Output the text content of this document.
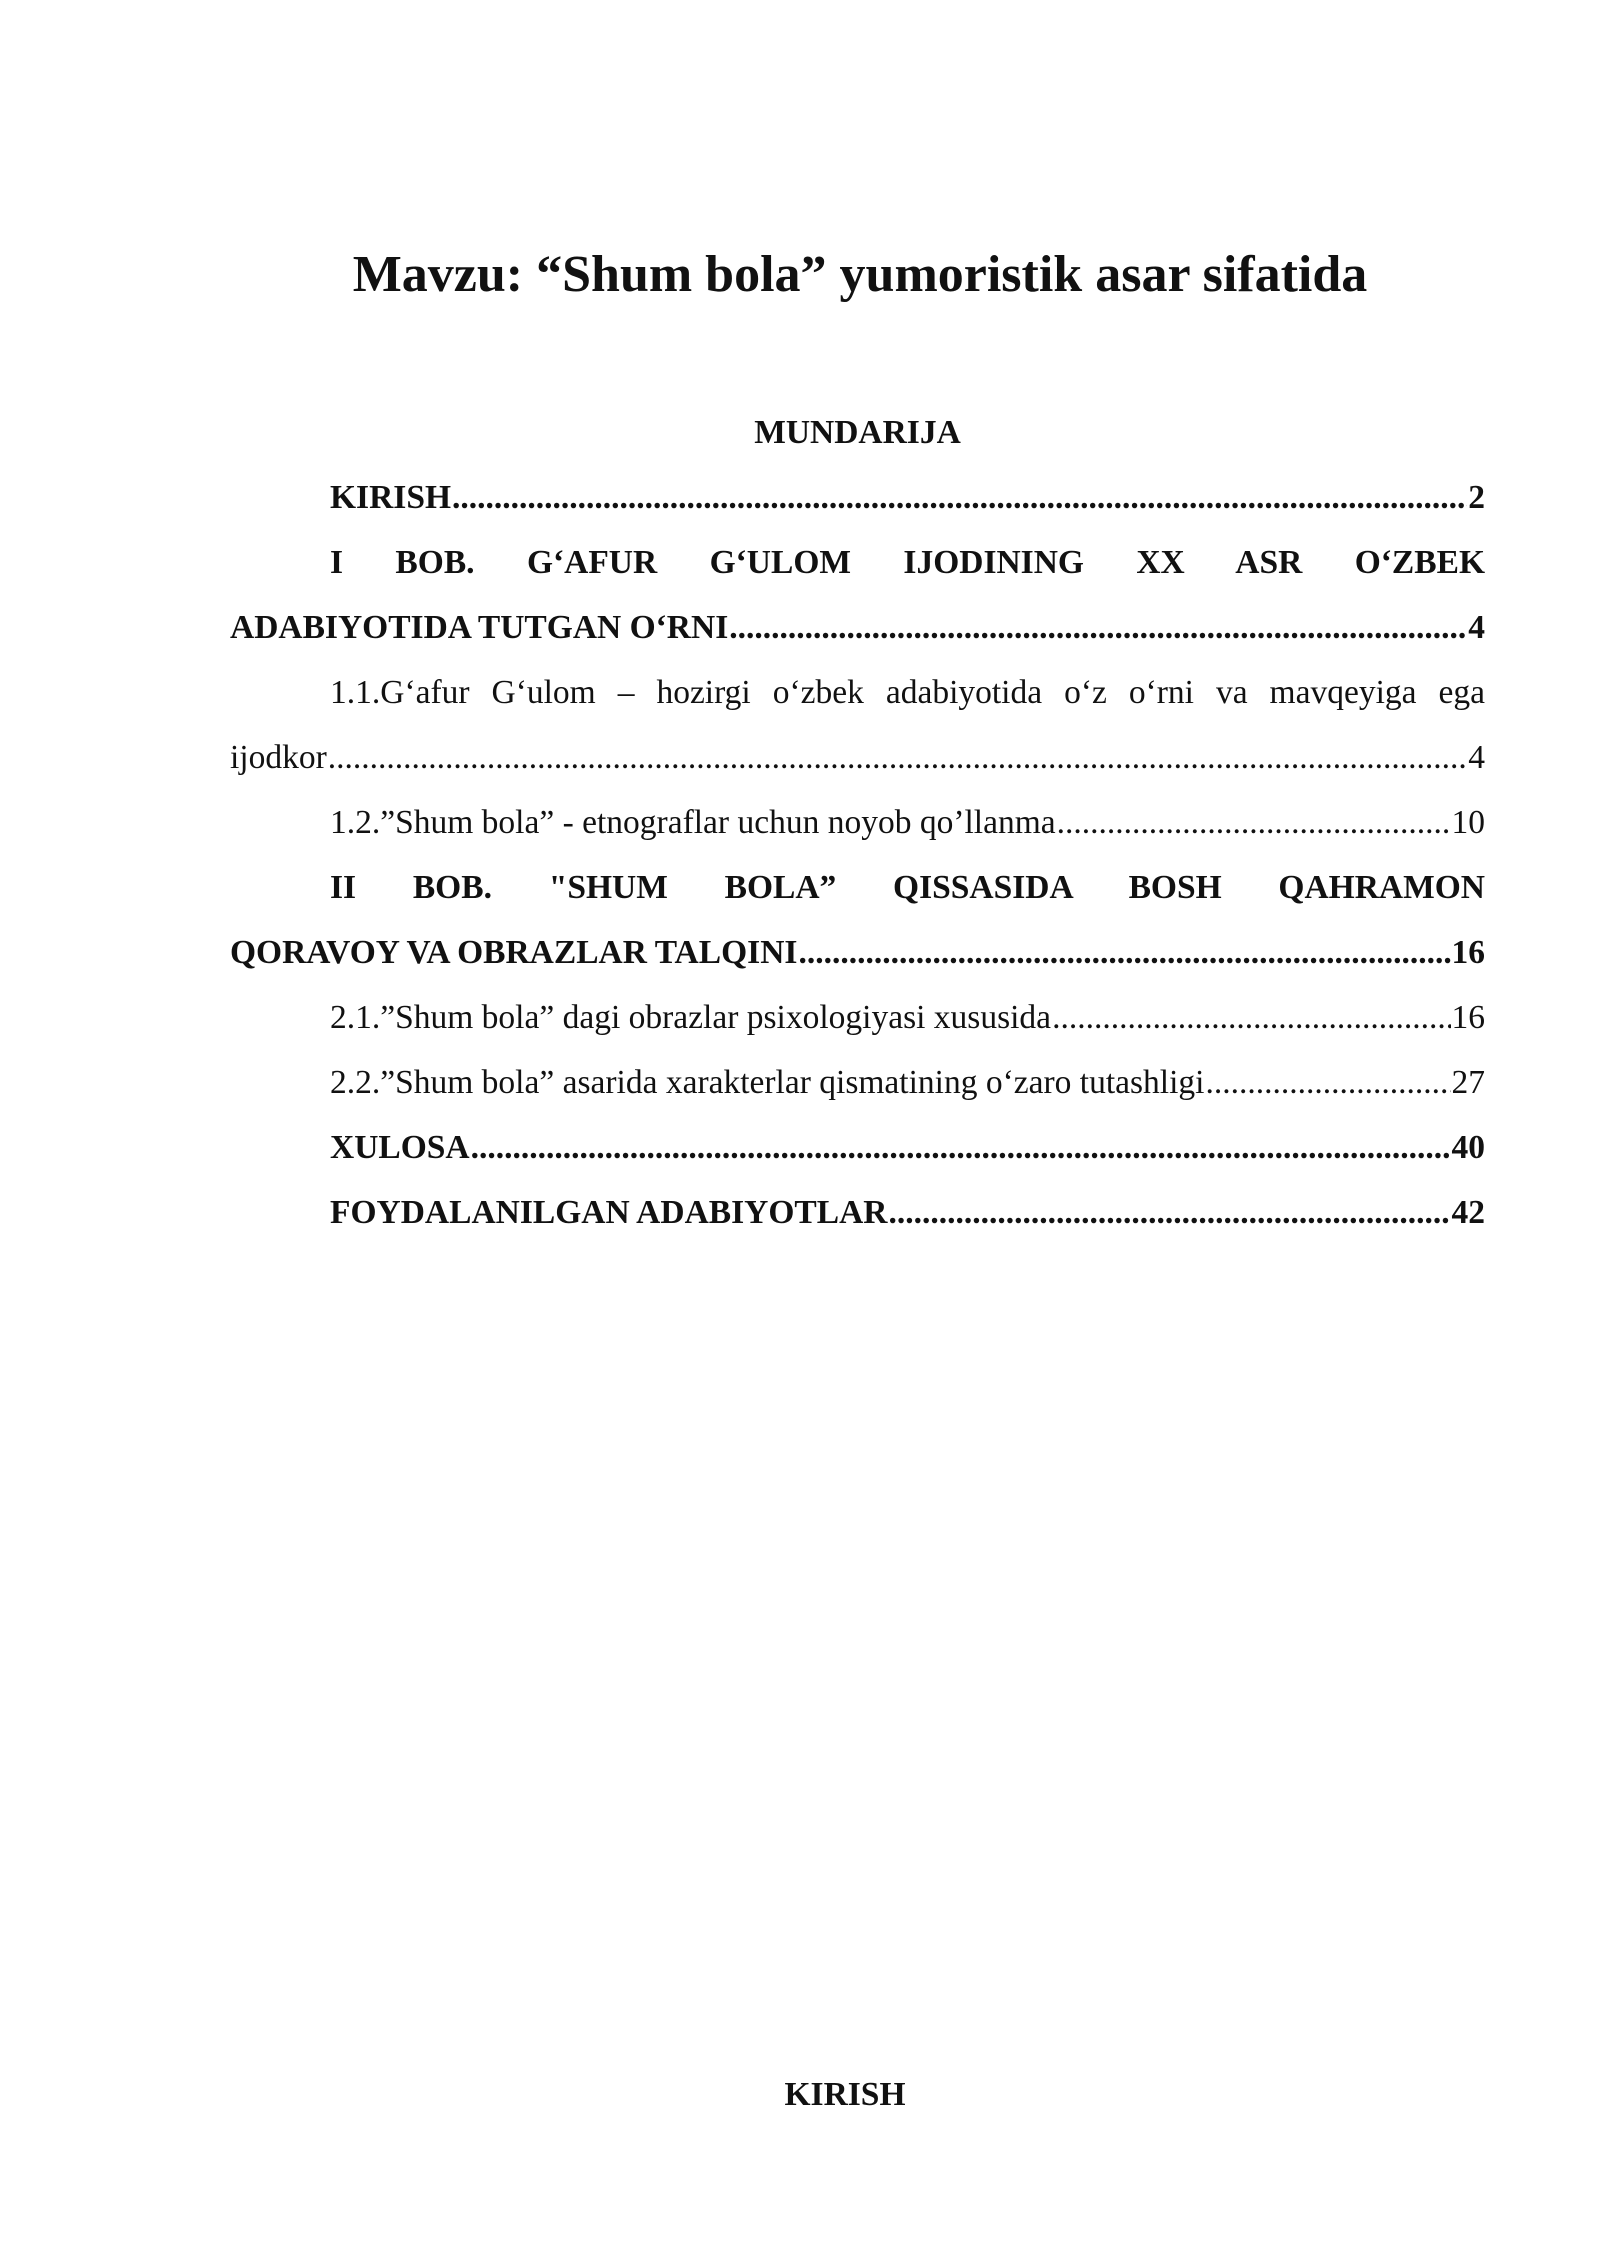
Mavzu: “Shum bola” yumoristik asar sifatida
MUNDARIJA
KIRISH .....	2
I BOB. G‘AFUR G‘ULOM IJODINING XX ASR O‘ZBEK
ADABIYOTIDA TUTGAN O‘RNI .....	4
1.1.G‘afur G‘ulom – hozirgi o‘zbek adabiyotida o‘z o‘rni va mavqeyiga ega
ijodkor .....	4
1.2.”Shum bola” - etnograflar uchun noyob qo’llanma .....	10
II BOB. "SHUM BOLA” QISSASIDA BOSH QAHRAMON
QORAVOY VA OBRAZLAR TALQINI .....	16
2.1.”Shum bola” dagi obrazlar psixologiyasi xususida .....	16
2.2.”Shum bola” asarida xarakterlar qismatining o‘zaro tutashligi .....	27
XULOSA .....	40
FOYDALANILGAN ADABIYOTLAR .....	42
KIRISH
